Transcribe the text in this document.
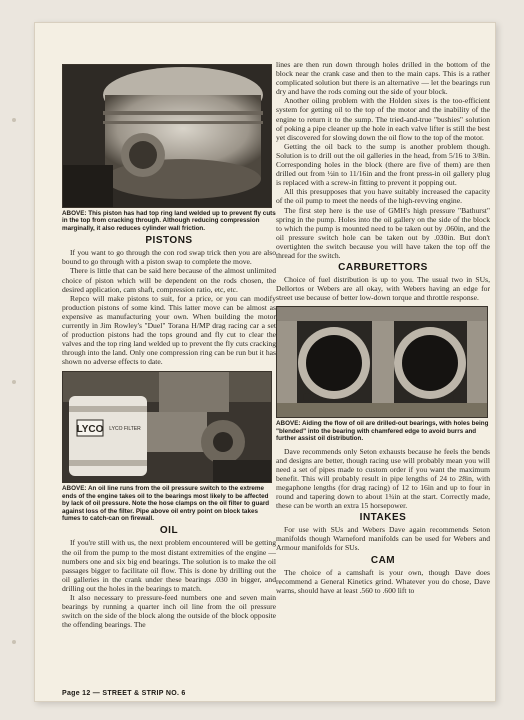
ABOVE: This piston has had top ring land welded up to prevent fly cuts in the top from cracking through. Although reducing compression marginally, it also reduces cylinder wall friction.
PISTONS

If you want to go through the con rod swap trick then you are also bound to go through with a piston swap to complete the move.

There is little that can be said here because of the almost unlimited choice of piston which will be dependent on the rods chosen, the desired application, cam shaft, compression ratio, etc, etc.

Repco will make pistons to suit, for a price, or you can modify production pistons of some kind. This latter move can be almost as expensive as manufacturing your own. When building the motor currently in Jim Rowley's "Duel" Torana H/MP drag racing car a set of production pistons had the tops ground and fly cut to clear the valves and the top ring land welded up to prevent the fly cuts cracking through into the land. Only one compression ring can be run but it has shown no adverse effects to date.

LYCO LYCO FILTER
ABOVE: An oil line runs from the oil pressure switch to the extreme ends of the engine takes oil to the bearings most likely to be affected by lack of oil pressure. Note the hose clamps on the oil filter to guard against loss of the filter. Pipe above oil entry point on block takes fumes to catch-can on firewall.
OIL

If you're still with us, the next problem encountered will be getting the oil from the pump to the most distant extremities of the engine — numbers one and six big end bearings. The solution is to make the oil passages bigger to facilitate oil flow. This is done by drilling out the oil galleries in the crank under these bearings .030 in bigger, and drilling out the holes in the bearings to match.

It also necessary to pressure-feed numbers one and seven main bearings by running a quarter inch oil line from the oil pressure switch on the side of the block along the outside of the block opposite the offending bearings. The

lines are then run down through holes drilled in the bottom of the block near the crank case and then to the main caps. This is a rather complicated solution but there is an alternative — let the bearings run dry and have the rods coming out the side of your block.

Another oiling problem with the Holden sixes is the too-efficient system for getting oil to the top of the motor and the inability of the engine to return it to the sump. The tried-and-true "bushies" solution of poking a pipe cleaner up the hole in each valve lifter is still the best yet discovered for slowing down the oil flow to the top of the motor.

Getting the oil back to the sump is another problem though. Solution is to drill out the oil galleries in the head, from 5/16 to 3/8in. Corresponding holes in the block (there are five of them) are then drilled out from ½in to 11/16in and the front press-in oil gallery plug is replaced with a screw-in fitting to prevent it popping out.

All this presupposes that you have suitably increased the capacity of the oil pump to meet the needs of the high-revving engine.

The first step here is the use of GMH's high pressure "Bathurst" spring in the pump. Holes into the oil gallery on the side of the block to which the pump is mounted need to be taken out by .060in, and the oil pressure switch hole can be taken out by .030in. But don't overtighten the switch because you will have taken the top off the thread for the switch.

CARBURETTORS

Choice of fuel distribution is up to you. The usual two in SUs, Dellortos or Webers are all okay, with Webers having an edge for street use because of better low-down torque and throttle response.

ABOVE: Aiding the flow of oil are drilled-out bearings, with holes being "blended" into the bearing with chamfered edge to avoid burrs and further assist oil distribution.

Dave recommends only Seton exhausts because he feels the bends and designs are better, though racing use will probably mean you will need a set of pipes made to custom order if you want the maximum benefit. This will probably result in pipe lengths of 24 to 28in, with megaphone lengths (for drag racing) of 12 to 16in and up to four in round and tapering down to about 1¾in at the start. Correctly made, these can be worth an extra 15 horsepower.

INTAKES

For use with SUs and Webers Dave again recommends Seton manifolds though Warneford manifolds can be used for Webers and Armour manifolds for SUs.

CAM

The choice of a camshaft is your own, though Dave does recommend a General Kinetics grind. Whatever you do chose, Dave warns, should have at least .560 to .600 lift to

Page 12 — STREET & STRIP NO. 6
